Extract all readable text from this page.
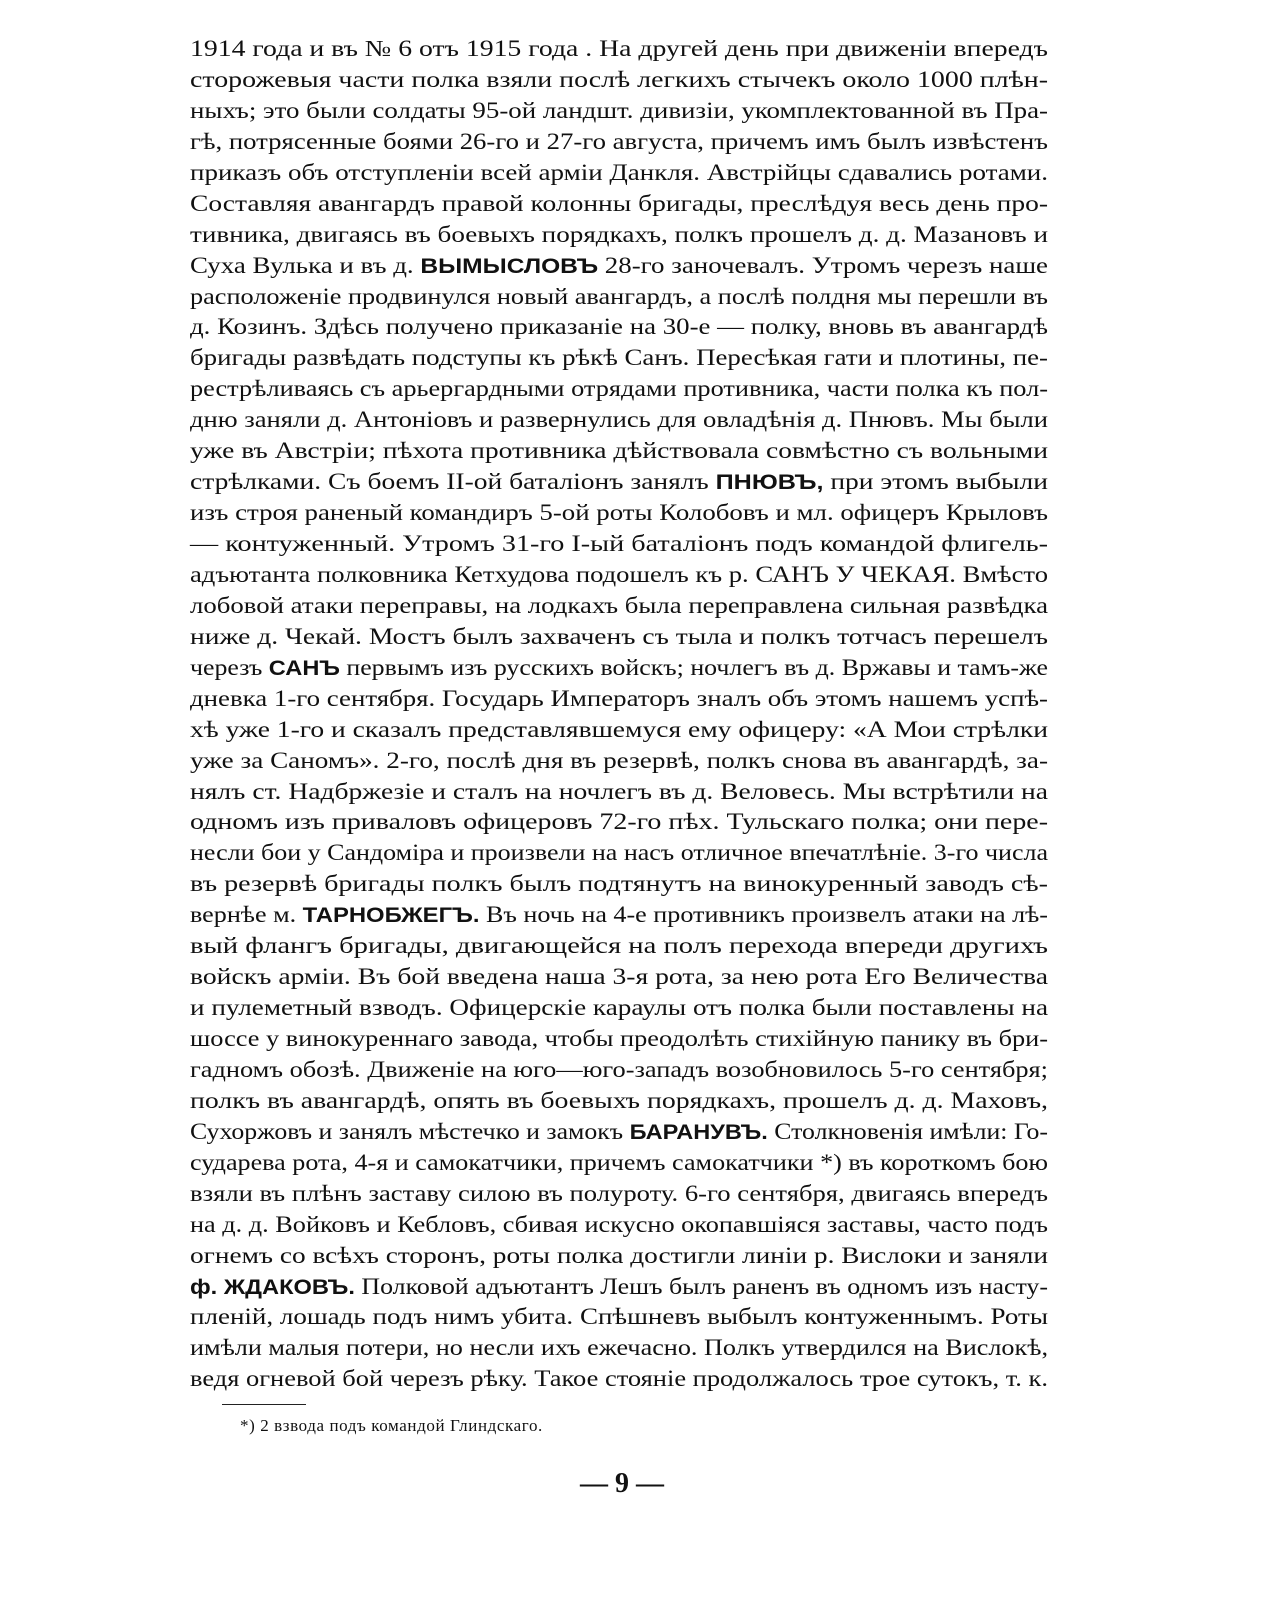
1914 года и въ № 6 отъ 1915 года . На другей день при движенiи впередъ
сторожевыя части полка взяли послѣ легкихъ стычекъ около 1000 плѣн-
ныхъ; это были солдаты 95-ой ландшт. дивизiи, укомплектованной въ Пра-
гѣ, потрясенные боями 26-го и 27-го августа, причемъ имъ былъ извѣстенъ
приказъ объ отступленiи всей армiи Данкля. Австрiйцы сдавались ротами.
Составляя авангардъ правой колонны бригады, преслѣдуя весь день про-
тивника, двигаясь въ боевыхъ порядкахъ, полкъ прошелъ д. д. Мазановъ и
Суха Вулька и въ д. ВЫМЫСЛОВЪ 28-го заночевалъ. Утромъ черезъ наше
расположенiе продвинулся новый авангардъ, а послѣ полдня мы перешли въ
д. Козинъ. Здѣсь получено приказанiе на 30-е — полку, вновь въ авангардѣ
бригады развѣдать подступы къ рѣкѣ Санъ. Пересѣкая гати и плотины, пе-
рестрѣливаясь съ арьергардными отрядами противника, части полка къ пол-
дню заняли д. Антонiовъ и развернулись для овладѣнiя д. Пнювъ. Мы были
уже въ Австрiи; пѣхота противника дѣйствовала совмѣстно съ вольными
стрѣлками. Съ боемъ II-ой баталiонъ занялъ ПНЮВЪ, при этомъ выбыли
изъ строя раненый командиръ 5-ой роты Колобовъ и мл. офицеръ Крыловъ
— контуженный. Утромъ 31-го I-ый баталiонъ подъ командой флигель-
адъютанта полковника Кетхудова подошелъ къ р. САНЪ У ЧЕКАЯ. Вмѣсто
лобовой атаки переправы, на лодкахъ была переправлена сильная развѣдка
ниже д. Чекай. Мостъ былъ захваченъ съ тыла и полкъ тотчасъ перешелъ
черезъ САНЪ первымъ изъ русскихъ войскъ; ночлегъ въ д. Вржавы и тамъ-же
дневка 1-го сентября. Государь Императоръ зналъ объ этомъ нашемъ успѣ-
хѣ уже 1-го и сказалъ представлявшемуся ему офицеру: «А Мои стрѣлки
уже за Саномъ». 2-го, послѣ дня въ резервѣ, полкъ снова въ авангардѣ, за-
нялъ ст. Надбржезiе и сталъ на ночлегъ въ д. Веловесь. Мы встрѣтили на
одномъ изъ приваловъ офицеровъ 72-го пѣх. Тульскаго полка; они пере-
несли бои у Сандомiра и произвели на насъ отличное впечатлѣнiе. 3-го числа
въ резервѣ бригады полкъ былъ подтянутъ на винокуренный заводъ сѣ-
вернѣе м. ТАРНОБЖЕГЪ. Въ ночь на 4-е противникъ произвелъ атаки на лѣ-
вый флангъ бригады, двигающейся на полъ перехода впереди другихъ
войскъ армiи. Въ бой введена наша 3-я рота, за нею рота Его Величества
и пулеметный взводъ. Офицерскiе караулы отъ полка были поставлены на
шоссе у винокуреннаго завода, чтобы преодолѣть стихiйную панику въ бри-
гадномъ обозѣ. Движенiе на юго—юго-западъ возобновилось 5-го сентября;
полкъ въ авангардѣ, опять въ боевыхъ порядкахъ, прошелъ д. д. Маховъ,
Сухоржовъ и занялъ мѣстечко и замокъ БАРАНУВЪ. Столкновенiя имѣли: Го-
сударева рота, 4-я и самокатчики, причемъ самокатчики *) въ короткомъ бою
взяли въ плѣнъ заставу силою въ полуроту. 6-го сентября, двигаясь впередъ
на д. д. Войковъ и Кебловъ, сбивая искусно окопавшiяся заставы, часто подъ
огнемъ со всѣхъ сторонъ, роты полка достигли линiи р. Вислоки и заняли
ф. ЖДАКОВЪ. Полковой адъютантъ Лешъ былъ раненъ въ одномъ изъ насту-
пленiй, лошадь подъ нимъ убита. Спѣшневъ выбылъ контуженнымъ. Роты
имѣли малыя потери, но несли ихъ ежечасно. Полкъ утвердился на Вислокѣ,
ведя огневой бой черезъ рѣку. Такое стоянiе продолжалось трое сутокъ, т. к.
*) 2 взвода подъ командой Глиндскаго.
— 9 —
